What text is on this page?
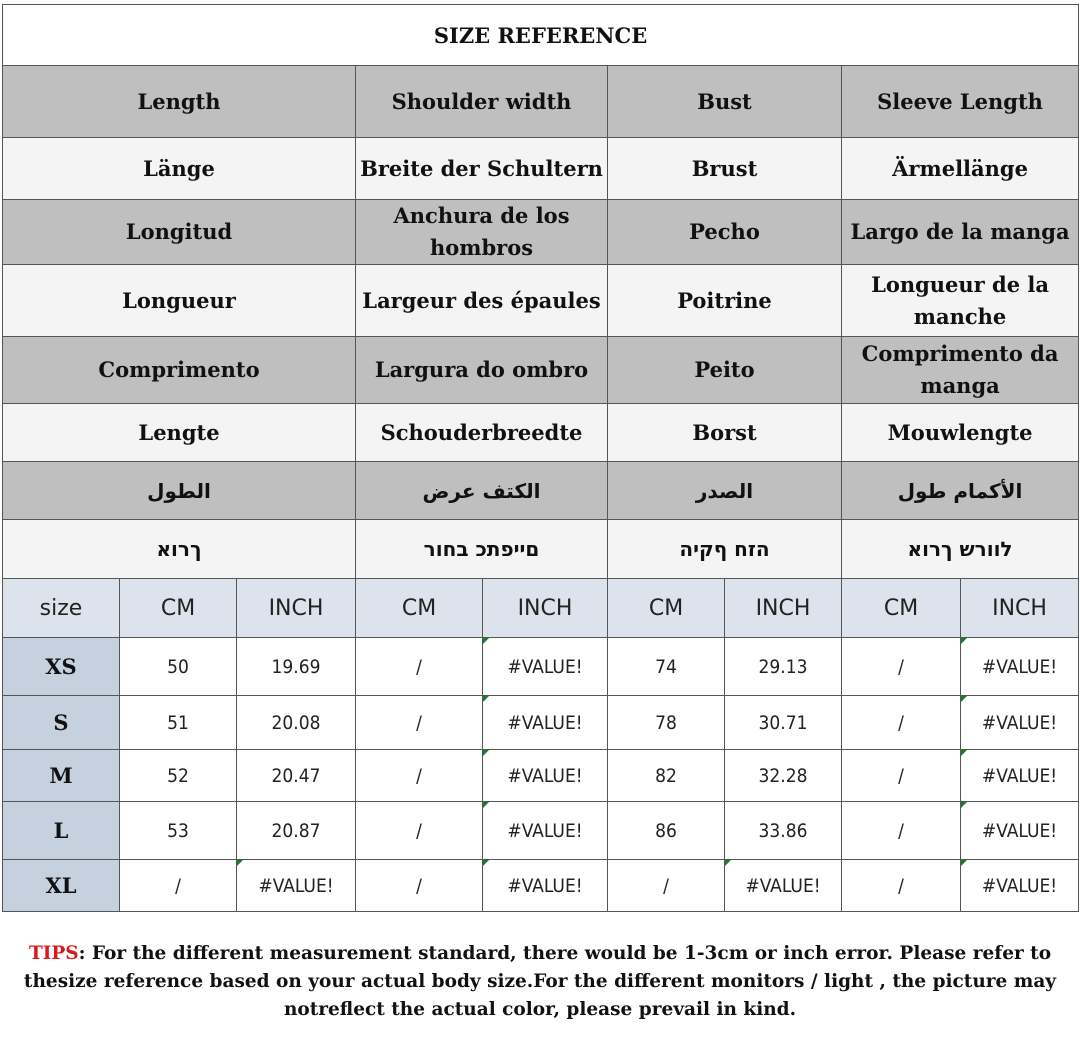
SIZE REFERENCE								
Length			Shoulder width		Bust		Sleeve Length	
Länge			Breite der Schultern		Brust		Ärmellänge	
Longitud			Anchura de los hombros		Pecho		Largo de la manga	
Longueur			Largeur des épaules		Poitrine		Longueur de la manche	
Comprimento			Largura do ombro		Peito		Comprimento da manga	
Lengte			Schouderbreedte		Borst		Mouwlengte	
الطول			الكتف عرض		الصدر		الأكمام طول	
ךרוא			םייפתכ בחור		הזח ףקיה		לוורש ךרוא	
size	CM	INCH	CM	INCH	CM	INCH	CM	INCH
XS	50	19.69	/	#VALUE!	74	29.13	/	#VALUE!
S	51	20.08	/	#VALUE!	78	30.71	/	#VALUE!
M	52	20.47	/	#VALUE!	82	32.28	/	#VALUE!
L	53	20.87	/	#VALUE!	86	33.86	/	#VALUE!
XL	/	#VALUE!	/	#VALUE!	/	#VALUE!	/	#VALUE!
TIPS: For the different measurement standard, there would be 1-3cm or inch error. Please refer to thesize reference based on your actual body size.For the different monitors / light , the picture may notreflect the actual color, please prevail in kind.
